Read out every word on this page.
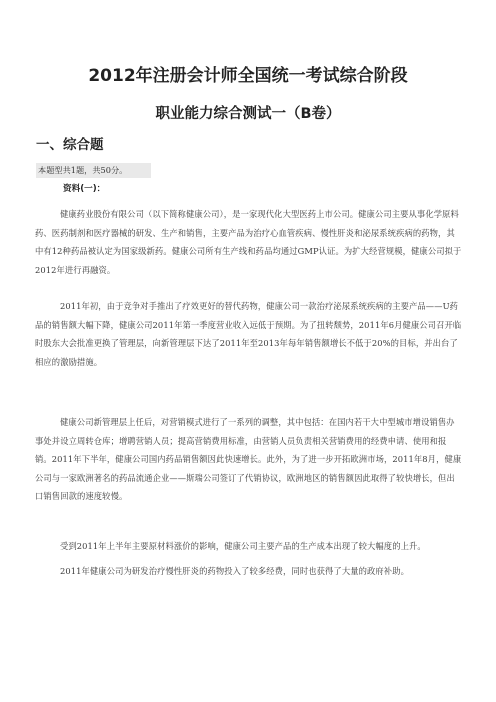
2012年注册会计师全国统一考试综合阶段
职业能力综合测试一（B卷）
一、综合题
本题型共1题，共50分。
资料(一)：

健康药业股份有限公司（以下简称健康公司），是一家现代化大型医药上市公司。健康公司主要从事化学原料药、医药制剂和医疗器械的研发、生产和销售，主要产品为治疗心血管疾病、慢性肝炎和泌尿系统疾病的药物，其中有12种药品被认定为国家级新药。健康公司所有生产线和药品均通过GMP认证。为扩大经营规模，健康公司拟于2012年进行再融资。

2011年初，由于竞争对手推出了疗效更好的替代药物，健康公司一款治疗泌尿系统疾病的主要产品——U药品的销售额大幅下降，健康公司2011年第一季度营业收入远低于预期。为了扭转颓势，2011年6月健康公司召开临时股东大会批准更换了管理层，向新管理层下达了2011年至2013年每年销售额增长不低于20%的目标，并出台了相应的激励措施。

健康公司新管理层上任后，对营销模式进行了一系列的调整，其中包括：在国内若干大中型城市增设销售办事处并设立周转仓库；增聘营销人员；提高营销费用标准，由营销人员负责相关营销费用的经费申请、使用和报销。2011年下半年，健康公司国内药品销售额因此快速增长。此外，为了进一步开拓欧洲市场，2011年8月，健康公司与一家欧洲著名的药品流通企业——斯瑞公司签订了代销协议，欧洲地区的销售额因此取得了较快增长，但出口销售回款的速度较慢。

受到2011年上半年主要原材料涨价的影响，健康公司主要产品的生产成本出现了较大幅度的上升。

2011年健康公司为研发治疗慢性肝炎的药物投入了较多经费，同时也获得了大量的政府补助。
